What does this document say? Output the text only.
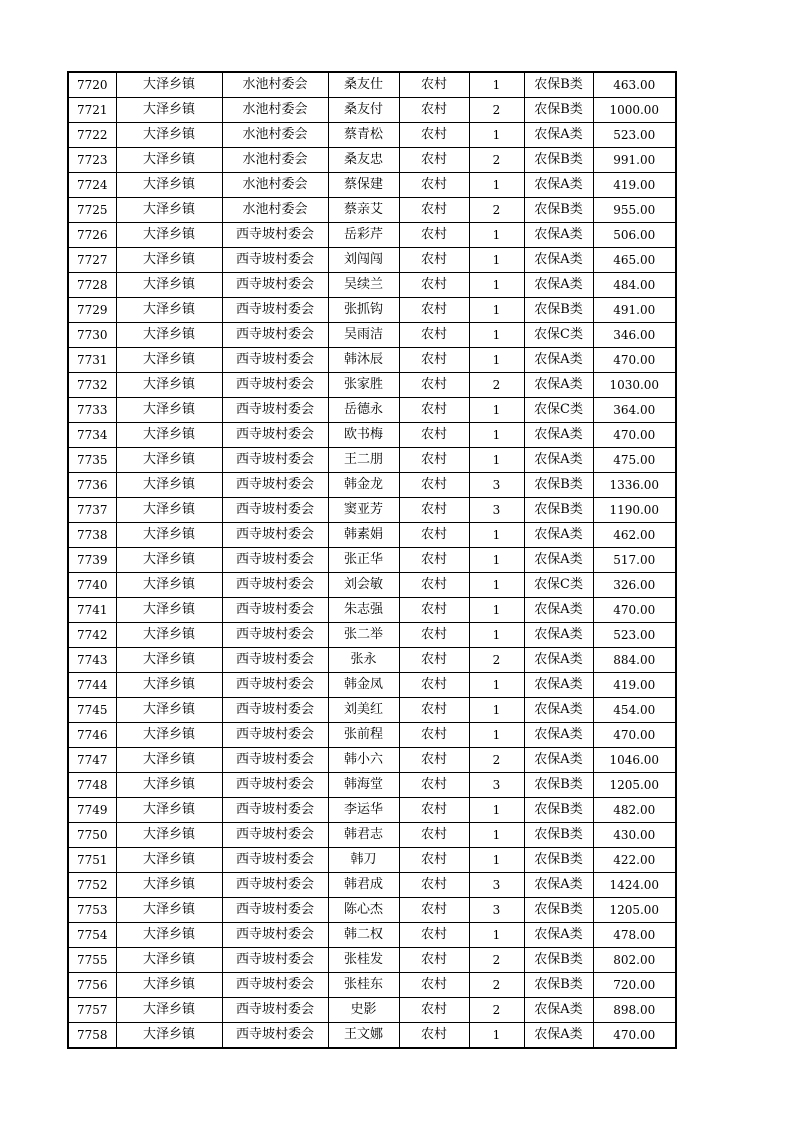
7720	大泽乡镇	水池村委会	桑友仕	农村	1	农保B类	463.00
7721	大泽乡镇	水池村委会	桑友付	农村	2	农保B类	1000.00
7722	大泽乡镇	水池村委会	蔡青松	农村	1	农保A类	523.00
7723	大泽乡镇	水池村委会	桑友忠	农村	2	农保B类	991.00
7724	大泽乡镇	水池村委会	蔡保建	农村	1	农保A类	419.00
7725	大泽乡镇	水池村委会	蔡亲艾	农村	2	农保B类	955.00
7726	大泽乡镇	西寺坡村委会	岳彩芹	农村	1	农保A类	506.00
7727	大泽乡镇	西寺坡村委会	刘闯闯	农村	1	农保A类	465.00
7728	大泽乡镇	西寺坡村委会	吴续兰	农村	1	农保A类	484.00
7729	大泽乡镇	西寺坡村委会	张抓钩	农村	1	农保B类	491.00
7730	大泽乡镇	西寺坡村委会	吴雨洁	农村	1	农保C类	346.00
7731	大泽乡镇	西寺坡村委会	韩沐辰	农村	1	农保A类	470.00
7732	大泽乡镇	西寺坡村委会	张家胜	农村	2	农保A类	1030.00
7733	大泽乡镇	西寺坡村委会	岳德永	农村	1	农保C类	364.00
7734	大泽乡镇	西寺坡村委会	欧书梅	农村	1	农保A类	470.00
7735	大泽乡镇	西寺坡村委会	王二朋	农村	1	农保A类	475.00
7736	大泽乡镇	西寺坡村委会	韩金龙	农村	3	农保B类	1336.00
7737	大泽乡镇	西寺坡村委会	窦亚芳	农村	3	农保B类	1190.00
7738	大泽乡镇	西寺坡村委会	韩素娟	农村	1	农保A类	462.00
7739	大泽乡镇	西寺坡村委会	张正华	农村	1	农保A类	517.00
7740	大泽乡镇	西寺坡村委会	刘会敏	农村	1	农保C类	326.00
7741	大泽乡镇	西寺坡村委会	朱志强	农村	1	农保A类	470.00
7742	大泽乡镇	西寺坡村委会	张二举	农村	1	农保A类	523.00
7743	大泽乡镇	西寺坡村委会	张永	农村	2	农保A类	884.00
7744	大泽乡镇	西寺坡村委会	韩金凤	农村	1	农保A类	419.00
7745	大泽乡镇	西寺坡村委会	刘美红	农村	1	农保A类	454.00
7746	大泽乡镇	西寺坡村委会	张前程	农村	1	农保A类	470.00
7747	大泽乡镇	西寺坡村委会	韩小六	农村	2	农保A类	1046.00
7748	大泽乡镇	西寺坡村委会	韩海堂	农村	3	农保B类	1205.00
7749	大泽乡镇	西寺坡村委会	李运华	农村	1	农保B类	482.00
7750	大泽乡镇	西寺坡村委会	韩君志	农村	1	农保B类	430.00
7751	大泽乡镇	西寺坡村委会	韩刀	农村	1	农保B类	422.00
7752	大泽乡镇	西寺坡村委会	韩君成	农村	3	农保A类	1424.00
7753	大泽乡镇	西寺坡村委会	陈心杰	农村	3	农保B类	1205.00
7754	大泽乡镇	西寺坡村委会	韩二权	农村	1	农保A类	478.00
7755	大泽乡镇	西寺坡村委会	张桂发	农村	2	农保B类	802.00
7756	大泽乡镇	西寺坡村委会	张桂东	农村	2	农保B类	720.00
7757	大泽乡镇	西寺坡村委会	史影	农村	2	农保A类	898.00
7758	大泽乡镇	西寺坡村委会	王文娜	农村	1	农保A类	470.00
